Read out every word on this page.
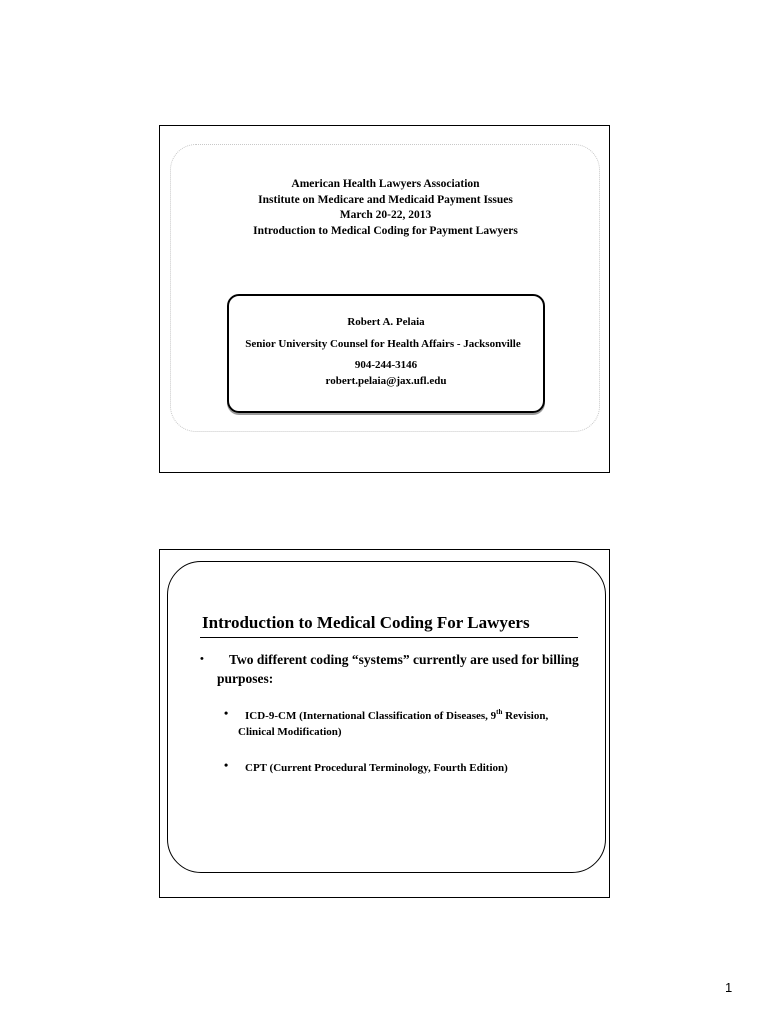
American Health Lawyers Association
Institute on Medicare and Medicaid Payment Issues
March 20-22, 2013
Introduction to Medical Coding for Payment Lawyers
Robert A. Pelaia
Senior University Counsel for Health Affairs - Jacksonville
904-244-3146
robert.pelaia@jax.ufl.edu
Introduction to Medical Coding For Lawyers
•	Two different coding “systems” currently are used for billing purposes:
•	ICD-9-CM (International Classification of Diseases, 9th Revision, Clinical Modification)
•	CPT (Current Procedural Terminology, Fourth Edition)
1
